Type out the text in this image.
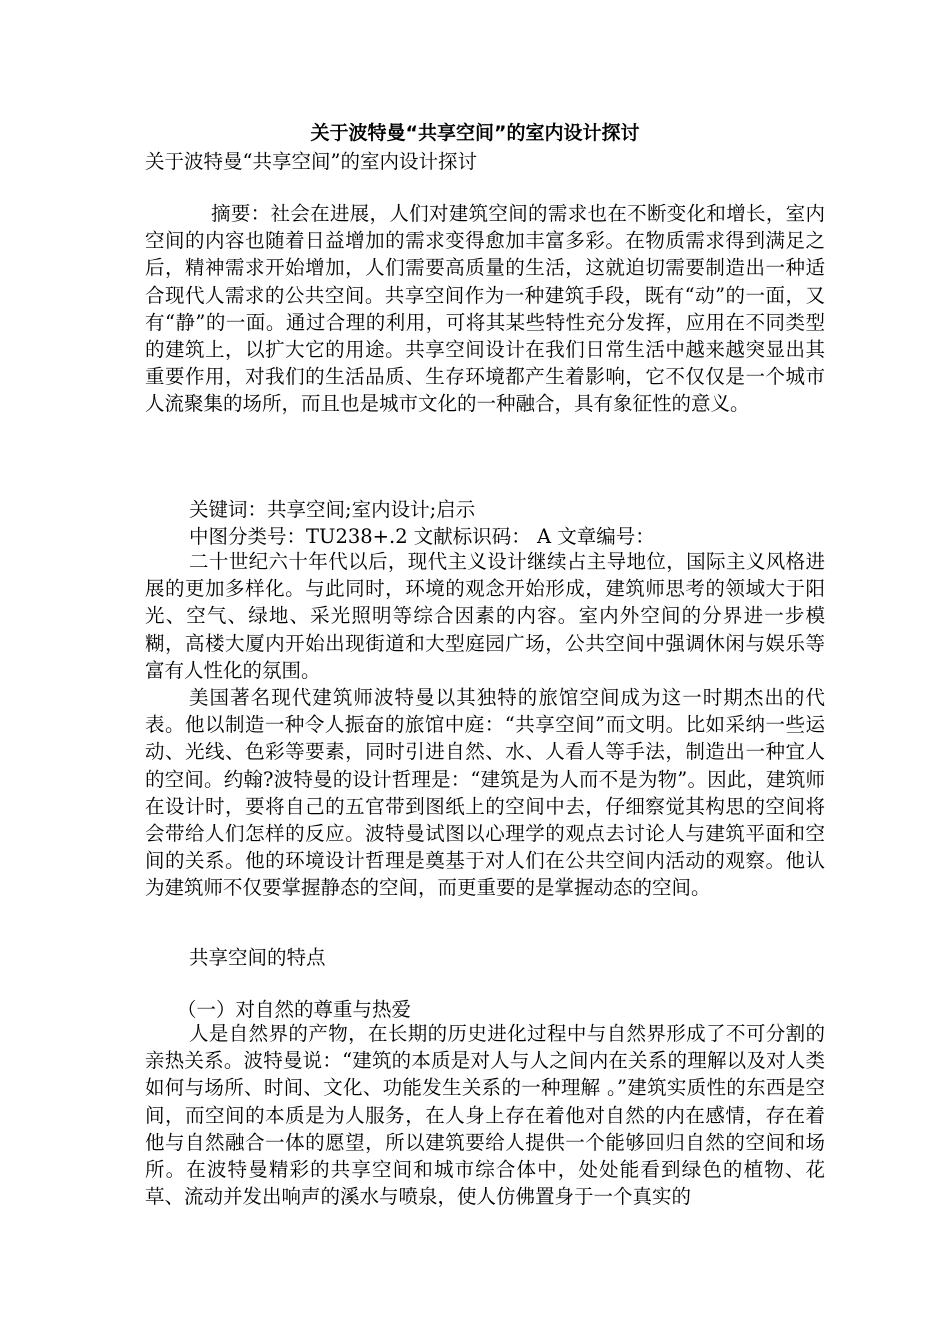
关于波特曼“共享空间”的室内设计探讨
关于波特曼“共享空间”的室内设计探讨

摘要：社会在进展，人们对建筑空间的需求也在不断变化和增长，室内空间的内容也随着日益增加的需求变得愈加丰富多彩。在物质需求得到满足之后，精神需求开始增加，人们需要高质量的生活，这就迫切需要制造出一种适合现代人需求的公共空间。共享空间作为一种建筑手段，既有“动”的一面，又有“静”的一面。通过合理的利用，可将其某些特性充分发挥，应用在不同类型的建筑上，以扩大它的用途。共享空间设计在我们日常生活中越来越突显出其重要作用，对我们的生活品质、生存环境都产生着影响，它不仅仅是一个城市人流聚集的场所，而且也是城市文化的一种融合，具有象征性的意义。

关键词：共享空间;室内设计;启示

中图分类号：TU238+.2 文献标识码： A 文章编号：

二十世纪六十年代以后，现代主义设计继续占主导地位，国际主义风格进展的更加多样化。与此同时，环境的观念开始形成，建筑师思考的领域大于阳光、空气、绿地、采光照明等综合因素的内容。室内外空间的分界进一步模糊，高楼大厦内开始出现街道和大型庭园广场，公共空间中强调休闲与娱乐等富有人性化的氛围。

美国著名现代建筑师波特曼以其独特的旅馆空间成为这一时期杰出的代表。他以制造一种令人振奋的旅馆中庭：“共享空间”而文明。比如采纳一些运动、光线、色彩等要素，同时引进自然、水、人看人等手法，制造出一种宜人的空间。约翰?波特曼的设计哲理是：“建筑是为人而不是为物”。因此，建筑师在设计时，要将自己的五官带到图纸上的空间中去，仔细察觉其构思的空间将会带给人们怎样的反应。波特曼试图以心理学的观点去讨论人与建筑平面和空间的关系。他的环境设计哲理是奠基于对人们在公共空间内活动的观察。他认为建筑师不仅要掌握静态的空间，而更重要的是掌握动态的空间。

共享空间的特点

（一）对自然的尊重与热爱

人是自然界的产物，在长期的历史进化过程中与自然界形成了不可分割的亲热关系。波特曼说：“建筑的本质是对人与人之间内在关系的理解以及对人类如何与场所、时间、文化、功能发生关系的一种理解 。”建筑实质性的东西是空间，而空间的本质是为人服务，在人身上存在着他对自然的内在感情，存在着他与自然融合一体的愿望，所以建筑要给人提供一个能够回归自然的空间和场所。在波特曼精彩的共享空间和城市综合体中，处处能看到绿色的植物、花草、流动并发出响声的溪水与喷泉，使人仿佛置身于一个真实的
